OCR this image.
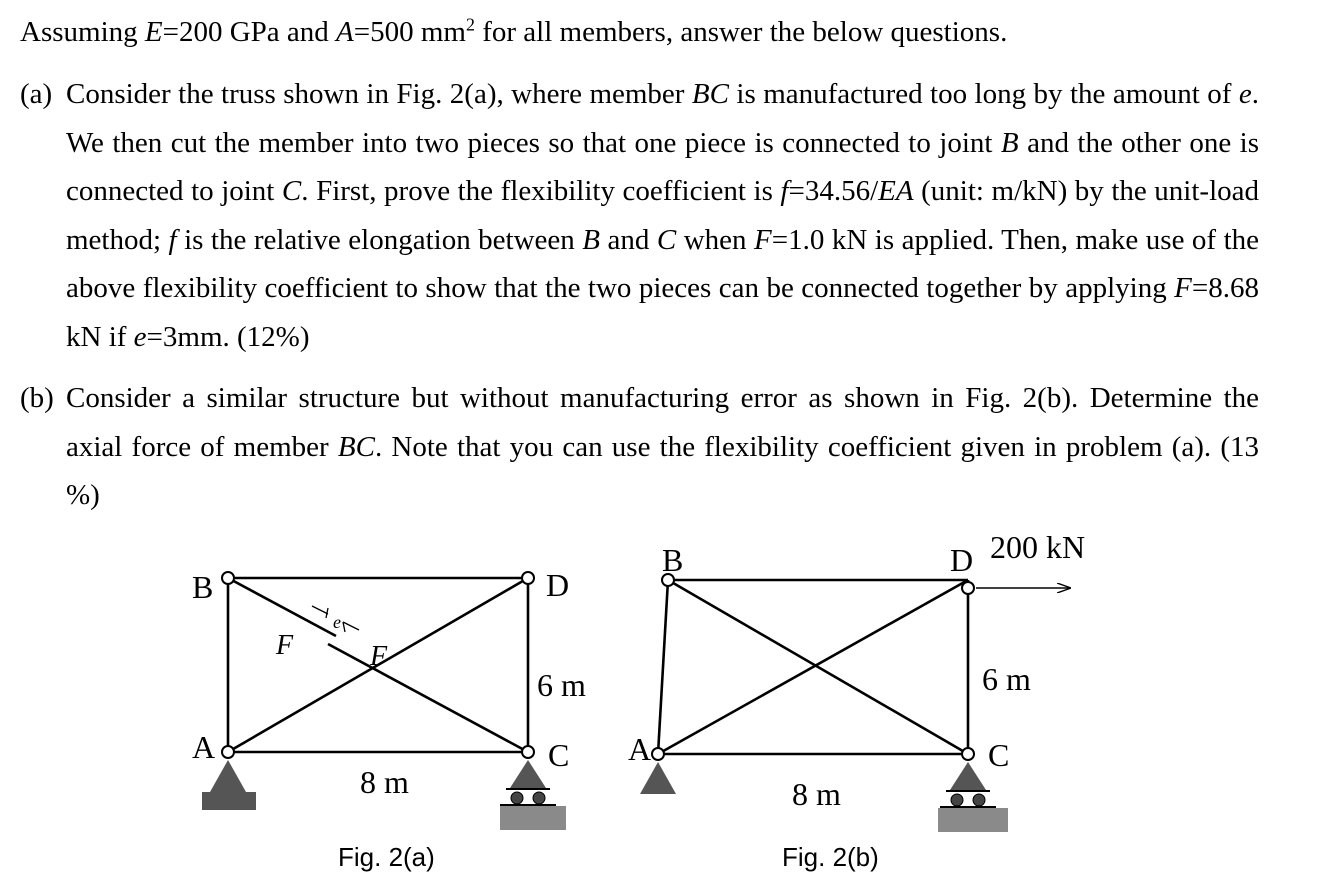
Assuming E=200 GPa and A=500 $mm^2$ for all members, answer the below questions.
(a) Consider the truss shown in Fig. 2(a), where member BC is manufactured too long by the amount of e. We then cut the member into two pieces so that one piece is connected to joint B and the other one is connected to joint C. First, prove the flexibility coefficient is f=34.56/EA (unit: m/kN) by the unit-load method; f is the relative elongation between B and C when F=1.0 kN is applied. Then, make use of the above flexibility coefficient to show that the two pieces can be connected together by applying F=8.68 kN if e=3mm. (12%)
(b) Consider a similar structure but without manufacturing error as shown in Fig. 2(b). Determine the axial force of member BC. Note that you can use the flexibility coefficient given in problem (a). (13 %)
e
F	F
B	D
A	C
6 m
8 m
B	D
A	C
200 kN
6 m
8 m
Fig. 2(a)	Fig. 2(b)
